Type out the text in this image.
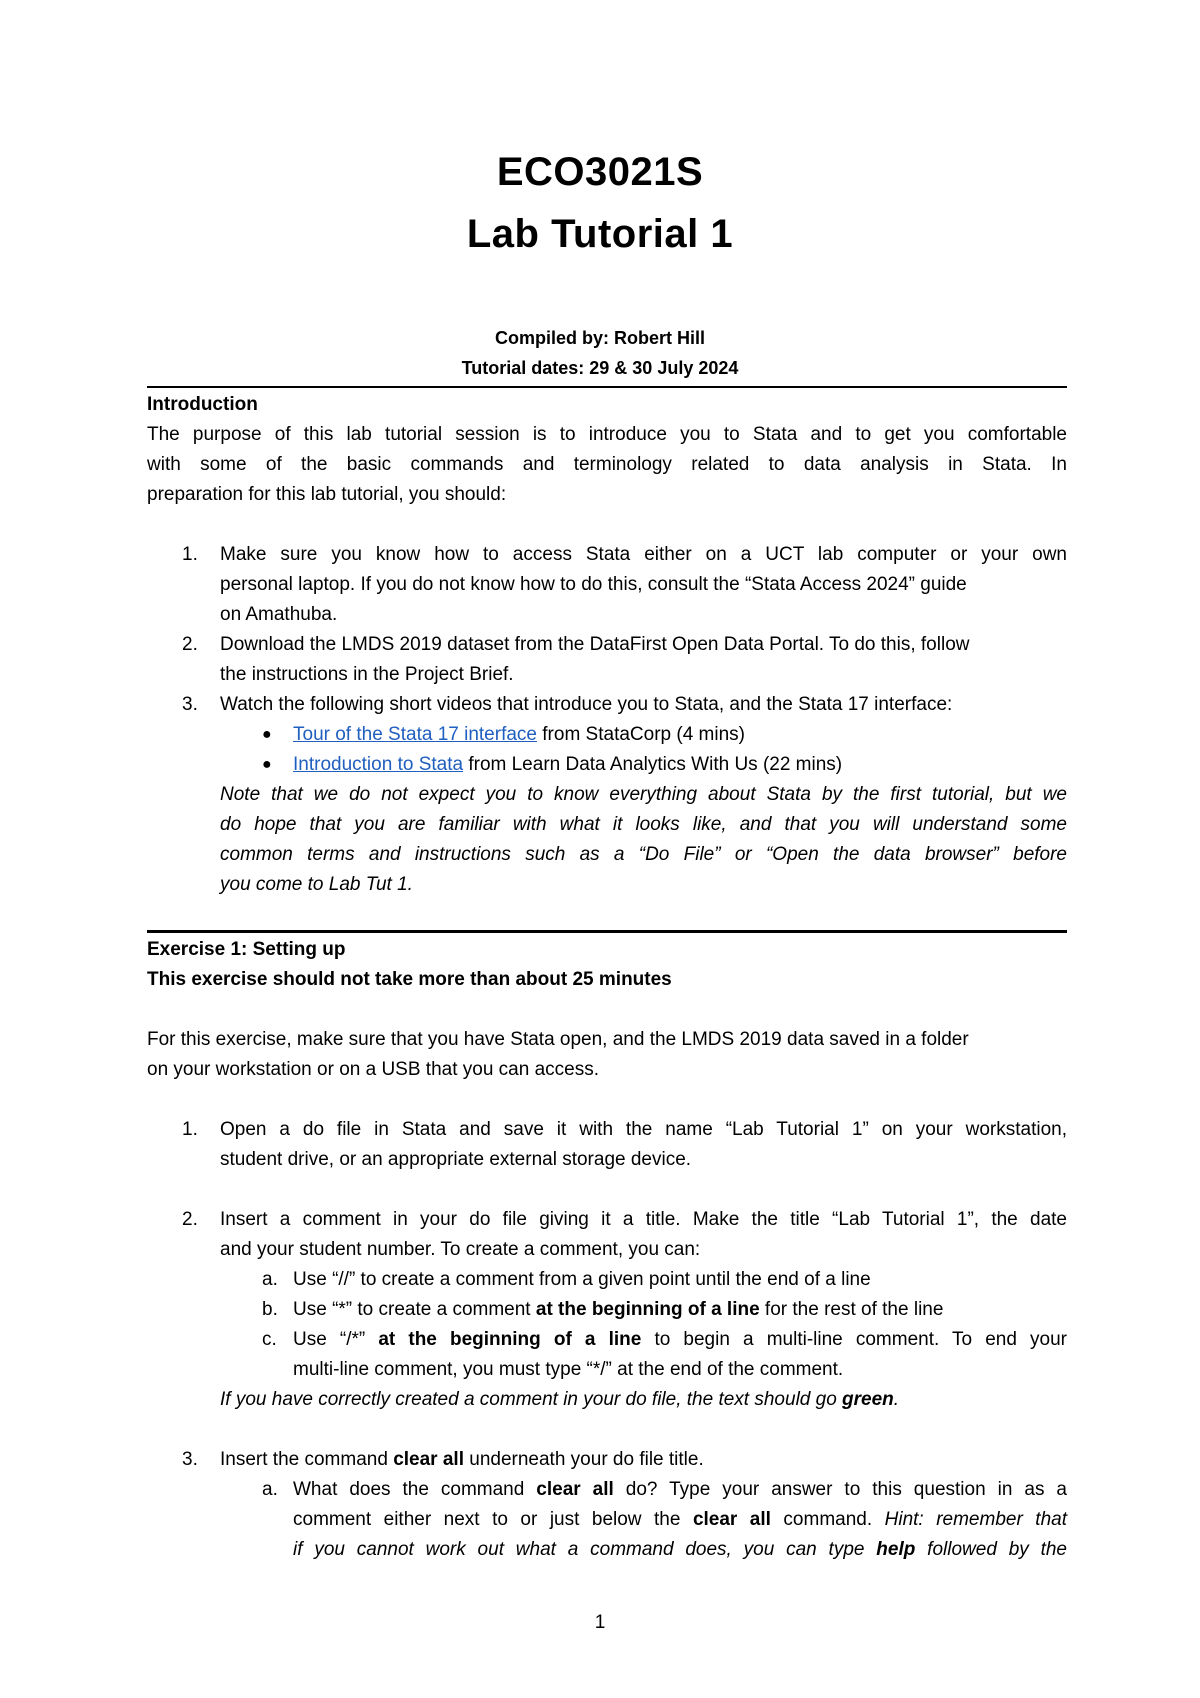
ECO3021S
Lab Tutorial 1
Compiled by: Robert Hill
Tutorial dates: 29 & 30 July 2024
Introduction
The purpose of this lab tutorial session is to introduce you to Stata and to get you comfortable
with some of the basic commands and terminology related to data analysis in Stata. In
preparation for this lab tutorial, you should:
1. Make sure you know how to access Stata either on a UCT lab computer or your own
personal laptop. If you do not know how to do this, consult the “Stata Access 2024” guide
on Amathuba.
2. Download the LMDS 2019 dataset from the DataFirst Open Data Portal. To do this, follow
the instructions in the Project Brief.
3. Watch the following short videos that introduce you to Stata, and the Stata 17 interface:
● Tour of the Stata 17 interface from StataCorp (4 mins)
● Introduction to Stata from Learn Data Analytics With Us (22 mins)
Note that we do not expect you to know everything about Stata by the first tutorial, but we
do hope that you are familiar with what it looks like, and that you will understand some
common terms and instructions such as a “Do File” or “Open the data browser” before
you come to Lab Tut 1.
Exercise 1: Setting up
This exercise should not take more than about 25 minutes
For this exercise, make sure that you have Stata open, and the LMDS 2019 data saved in a folder
on your workstation or on a USB that you can access.
1. Open a do file in Stata and save it with the name “Lab Tutorial 1” on your workstation,
student drive, or an appropriate external storage device.
2. Insert a comment in your do file giving it a title. Make the title “Lab Tutorial 1”, the date
and your student number. To create a comment, you can:
a. Use “//” to create a comment from a given point until the end of a line
b. Use “*” to create a comment at the beginning of a line for the rest of the line
c. Use “/*” at the beginning of a line to begin a multi-line comment. To end your
multi-line comment, you must type “*/” at the end of the comment.
If you have correctly created a comment in your do file, the text should go green.
3. Insert the command clear all underneath your do file title.
a. What does the command clear all do? Type your answer to this question in as a
comment either next to or just below the clear all command. Hint: remember that
if you cannot work out what a command does, you can type help followed by the
1
